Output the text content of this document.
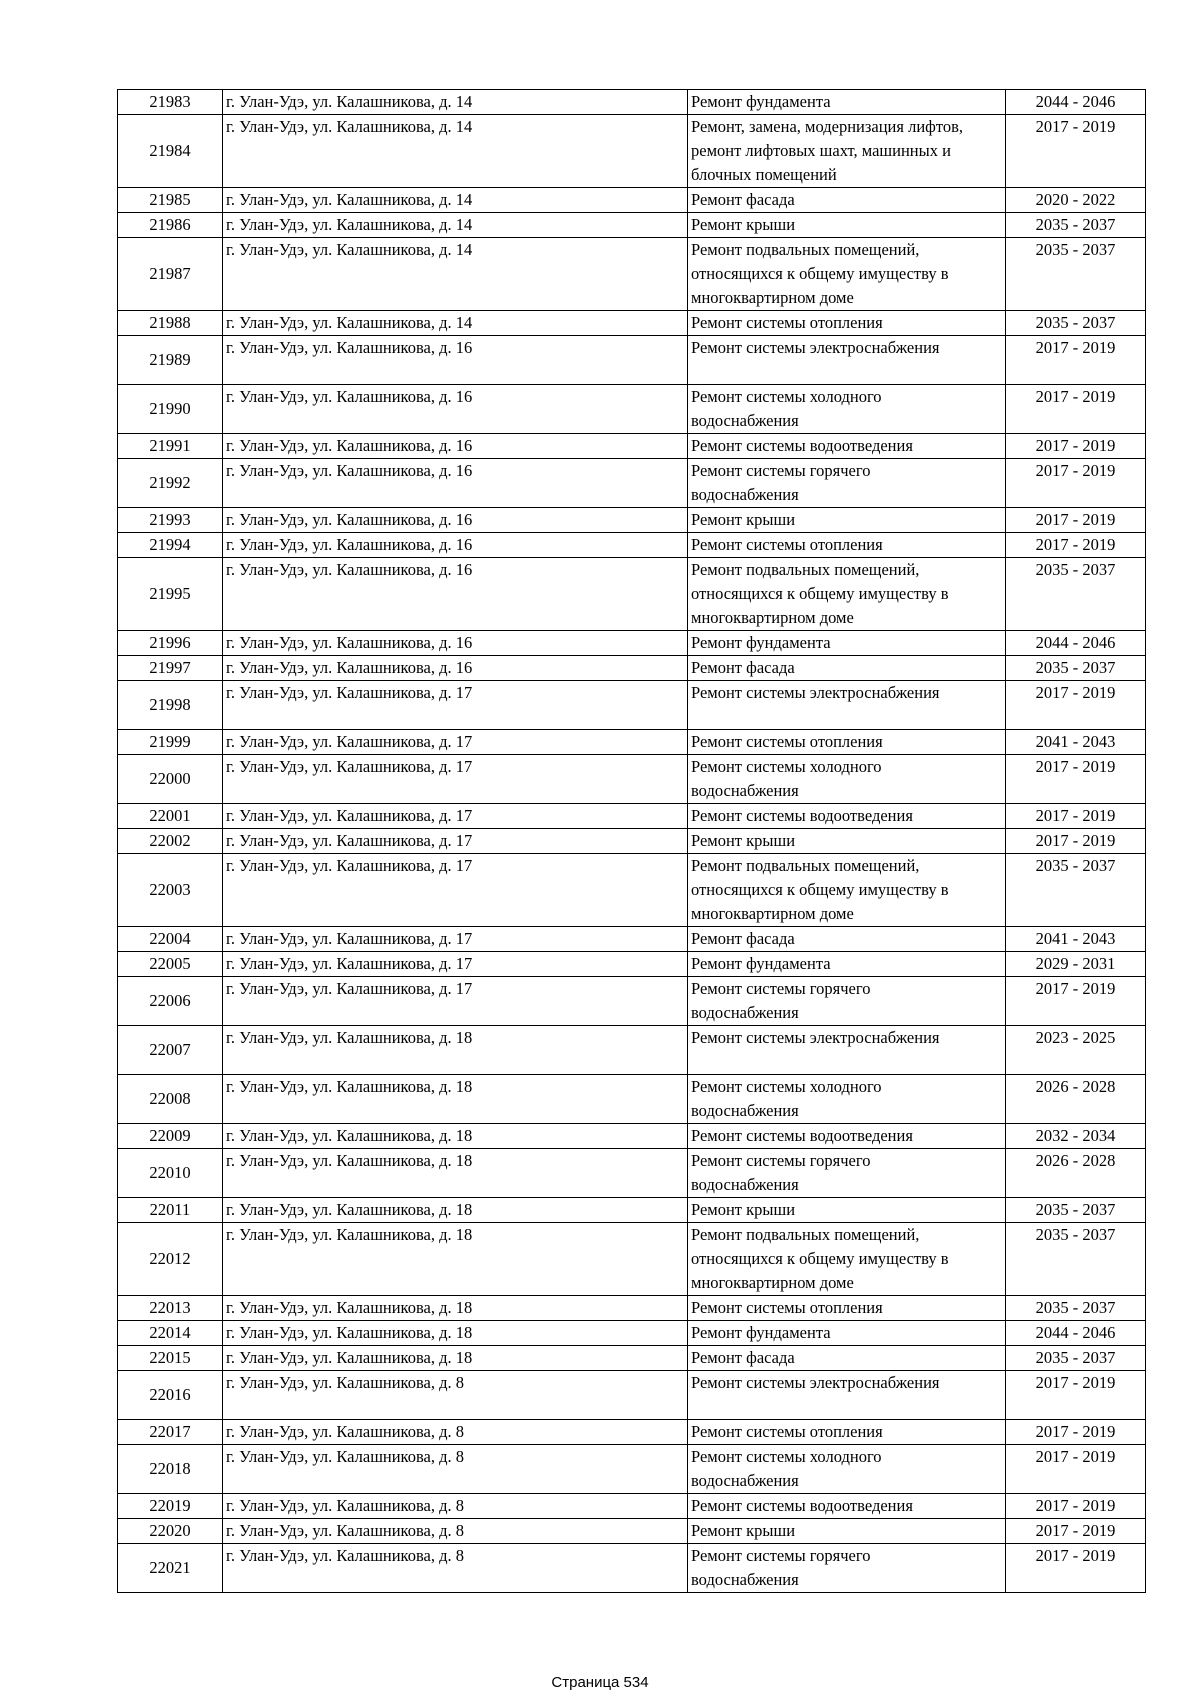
21983	г. Улан-Удэ, ул. Калашникова, д. 14	Ремонт фундамента	2044 - 2046
21984	г. Улан-Удэ, ул. Калашникова, д. 14	Ремонт, замена, модернизация лифтов,
ремонт лифтовых шахт, машинных и
блочных помещений	2017 - 2019
21985	г. Улан-Удэ, ул. Калашникова, д. 14	Ремонт фасада	2020 - 2022
21986	г. Улан-Удэ, ул. Калашникова, д. 14	Ремонт крыши	2035 - 2037
21987	г. Улан-Удэ, ул. Калашникова, д. 14	Ремонт подвальных помещений,
относящихся к общему имуществу в
многоквартирном доме	2035 - 2037
21988	г. Улан-Удэ, ул. Калашникова, д. 14	Ремонт системы отопления	2035 - 2037
21989	г. Улан-Удэ, ул. Калашникова, д. 16	Ремонт системы электроснабжения	2017 - 2019
21990	г. Улан-Удэ, ул. Калашникова, д. 16	Ремонт системы холодного
водоснабжения	2017 - 2019
21991	г. Улан-Удэ, ул. Калашникова, д. 16	Ремонт системы водоотведения	2017 - 2019
21992	г. Улан-Удэ, ул. Калашникова, д. 16	Ремонт системы горячего
водоснабжения	2017 - 2019
21993	г. Улан-Удэ, ул. Калашникова, д. 16	Ремонт крыши	2017 - 2019
21994	г. Улан-Удэ, ул. Калашникова, д. 16	Ремонт системы отопления	2017 - 2019
21995	г. Улан-Удэ, ул. Калашникова, д. 16	Ремонт подвальных помещений,
относящихся к общему имуществу в
многоквартирном доме	2035 - 2037
21996	г. Улан-Удэ, ул. Калашникова, д. 16	Ремонт фундамента	2044 - 2046
21997	г. Улан-Удэ, ул. Калашникова, д. 16	Ремонт фасада	2035 - 2037
21998	г. Улан-Удэ, ул. Калашникова, д. 17	Ремонт системы электроснабжения	2017 - 2019
21999	г. Улан-Удэ, ул. Калашникова, д. 17	Ремонт системы отопления	2041 - 2043
22000	г. Улан-Удэ, ул. Калашникова, д. 17	Ремонт системы холодного
водоснабжения	2017 - 2019
22001	г. Улан-Удэ, ул. Калашникова, д. 17	Ремонт системы водоотведения	2017 - 2019
22002	г. Улан-Удэ, ул. Калашникова, д. 17	Ремонт крыши	2017 - 2019
22003	г. Улан-Удэ, ул. Калашникова, д. 17	Ремонт подвальных помещений,
относящихся к общему имуществу в
многоквартирном доме	2035 - 2037
22004	г. Улан-Удэ, ул. Калашникова, д. 17	Ремонт фасада	2041 - 2043
22005	г. Улан-Удэ, ул. Калашникова, д. 17	Ремонт фундамента	2029 - 2031
22006	г. Улан-Удэ, ул. Калашникова, д. 17	Ремонт системы горячего
водоснабжения	2017 - 2019
22007	г. Улан-Удэ, ул. Калашникова, д. 18	Ремонт системы электроснабжения	2023 - 2025
22008	г. Улан-Удэ, ул. Калашникова, д. 18	Ремонт системы холодного
водоснабжения	2026 - 2028
22009	г. Улан-Удэ, ул. Калашникова, д. 18	Ремонт системы водоотведения	2032 - 2034
22010	г. Улан-Удэ, ул. Калашникова, д. 18	Ремонт системы горячего
водоснабжения	2026 - 2028
22011	г. Улан-Удэ, ул. Калашникова, д. 18	Ремонт крыши	2035 - 2037
22012	г. Улан-Удэ, ул. Калашникова, д. 18	Ремонт подвальных помещений,
относящихся к общему имуществу в
многоквартирном доме	2035 - 2037
22013	г. Улан-Удэ, ул. Калашникова, д. 18	Ремонт системы отопления	2035 - 2037
22014	г. Улан-Удэ, ул. Калашникова, д. 18	Ремонт фундамента	2044 - 2046
22015	г. Улан-Удэ, ул. Калашникова, д. 18	Ремонт фасада	2035 - 2037
22016	г. Улан-Удэ, ул. Калашникова, д. 8	Ремонт системы электроснабжения	2017 - 2019
22017	г. Улан-Удэ, ул. Калашникова, д. 8	Ремонт системы отопления	2017 - 2019
22018	г. Улан-Удэ, ул. Калашникова, д. 8	Ремонт системы холодного
водоснабжения	2017 - 2019
22019	г. Улан-Удэ, ул. Калашникова, д. 8	Ремонт системы водоотведения	2017 - 2019
22020	г. Улан-Удэ, ул. Калашникова, д. 8	Ремонт крыши	2017 - 2019
22021	г. Улан-Удэ, ул. Калашникова, д. 8	Ремонт системы горячего
водоснабжения	2017 - 2019
Страница 534
